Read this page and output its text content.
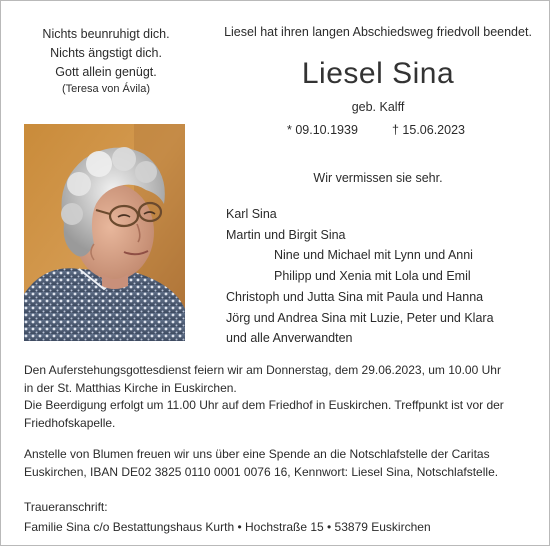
Nichts beunruhigt dich.
Nichts ängstigt dich.
Gott allein genügt.
(Teresa von Ávila)
Liesel hat ihren langen Abschiedsweg friedvoll beendet.
Liesel Sina
geb. Kalff
* 09.10.1939	† 15.06.2023
Wir vermissen sie sehr.
Karl Sina
Martin und Birgit Sina
Nine und Michael mit Lynn und Anni
Philipp und Xenia mit Lola und Emil
Christoph und Jutta Sina mit Paula und Hanna
Jörg und Andrea Sina mit Luzie, Peter und Klara
und alle Anverwandten
Den Auferstehungsgottesdienst feiern wir am Donnerstag, dem 29.06.2023, um 10.00 Uhr
in der St. Matthias Kirche in Euskirchen.
Die Beerdigung erfolgt um 11.00 Uhr auf dem Friedhof in Euskirchen. Treffpunkt ist vor der
Friedhofskapelle.
Anstelle von Blumen freuen wir uns über eine Spende an die Notschlafstelle der Caritas
Euskirchen, IBAN DE02 3825 0110 0001 0076 16, Kennwort: Liesel Sina, Notschlafstelle.
Traueranschrift:
Familie Sina c/o Bestattungshaus Kurth • Hochstraße 15 • 53879 Euskirchen
